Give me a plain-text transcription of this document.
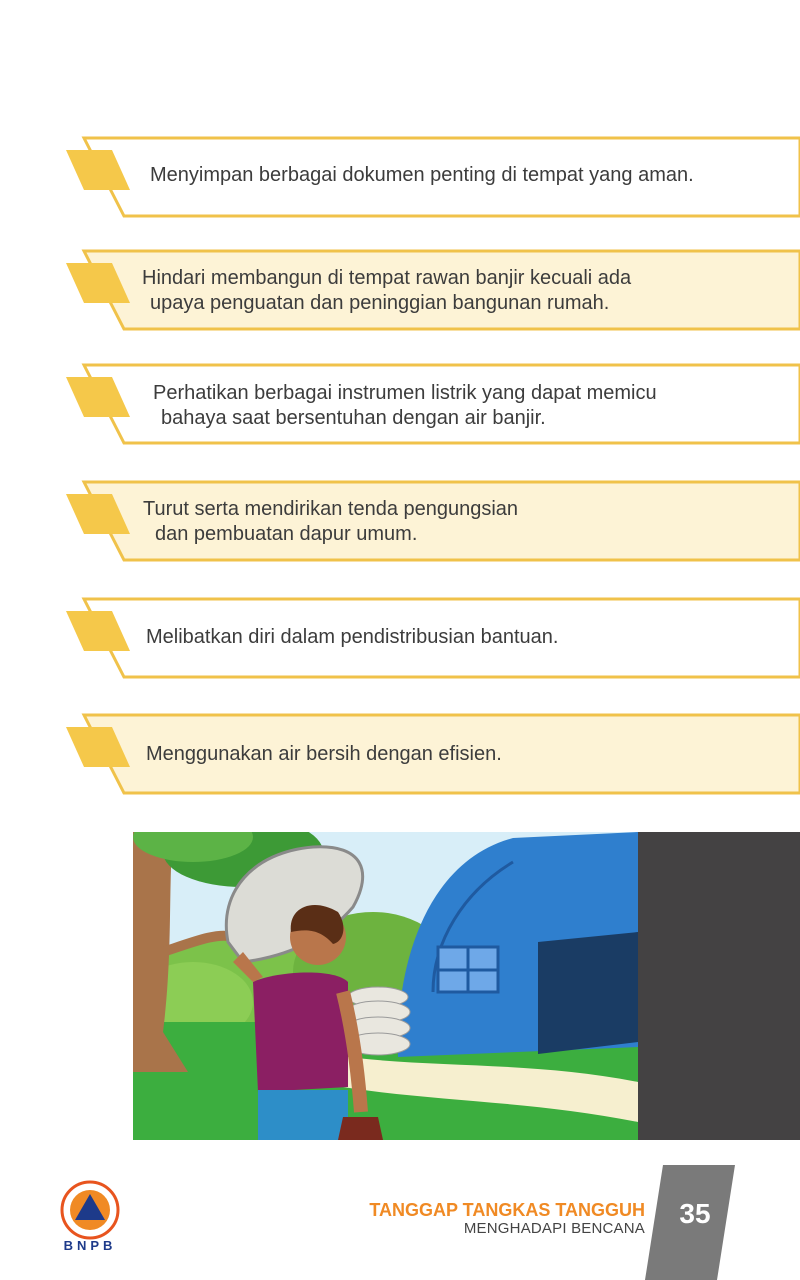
Menyimpan berbagai dokumen penting di tempat yang aman.
Hindari membangun di tempat rawan banjir kecuali ada
upaya penguatan dan peninggian bangunan rumah.
Perhatikan berbagai instrumen listrik yang dapat memicu
bahaya saat bersentuhan dengan air banjir.
Turut serta mendirikan tenda pengungsian
dan pembuatan dapur umum.
Melibatkan diri dalam pendistribusian bantuan.
Menggunakan air bersih dengan efisien.
BNPB
TANGGAP TANGKAS TANGGUH
MENGHADAPI BENCANA	35
